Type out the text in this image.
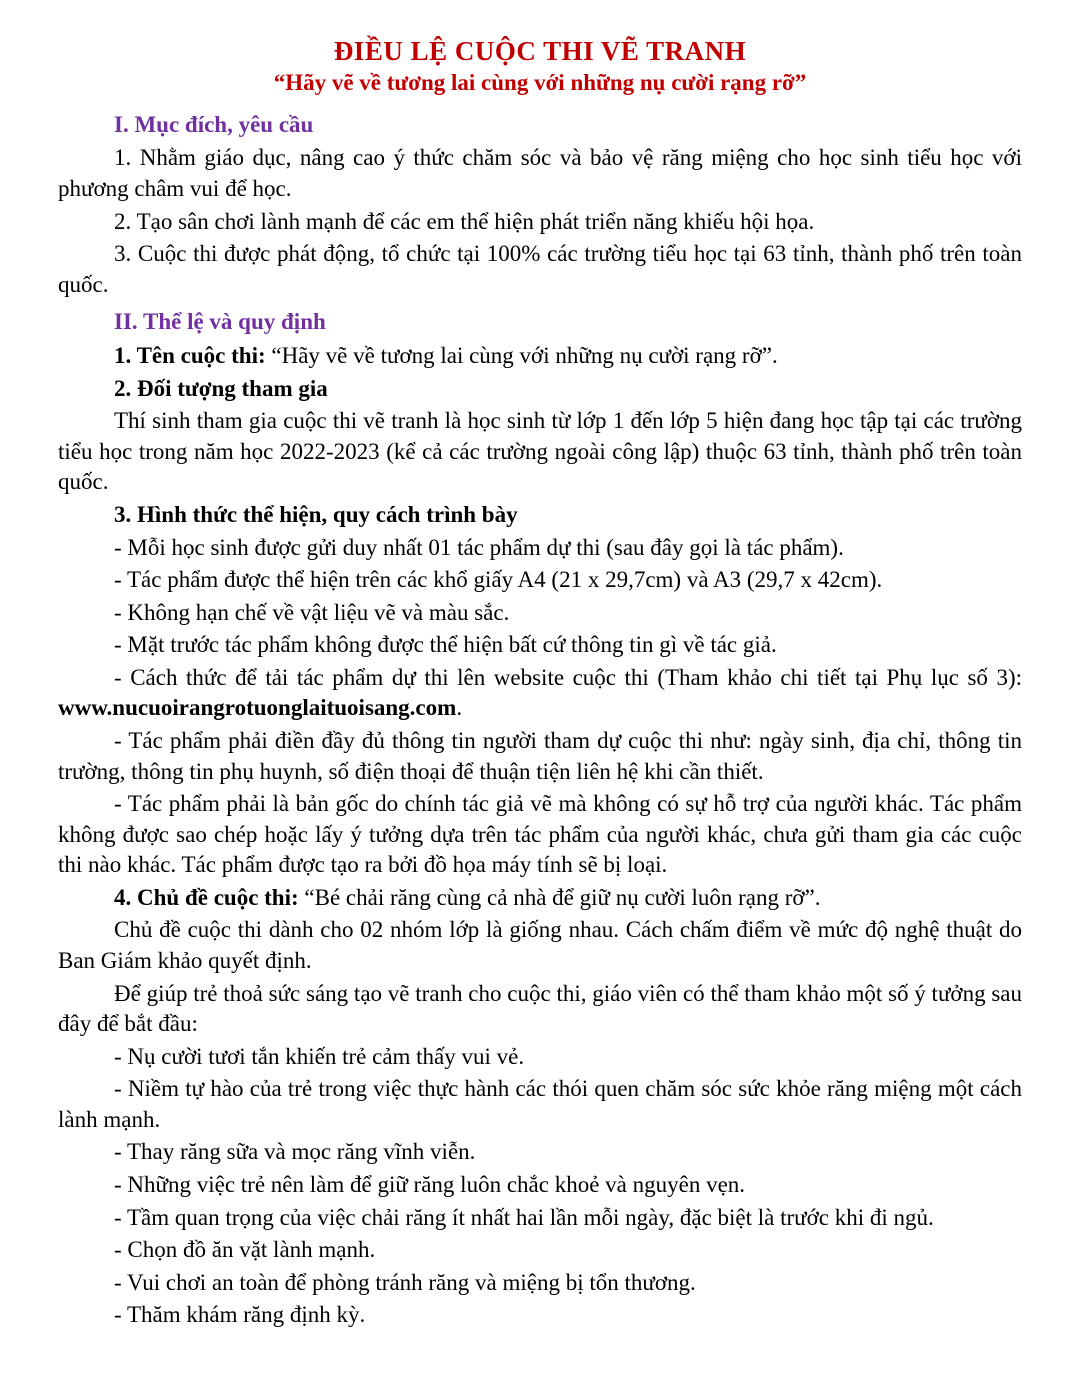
ĐIỀU LỆ CUỘC THI VẼ TRANH
“Hãy vẽ về tương lai cùng với những nụ cười rạng rỡ”
I. Mục đích, yêu cầu

1. Nhằm giáo dục, nâng cao ý thức chăm sóc và bảo vệ răng miệng cho học sinh tiểu học với phương châm vui để học.

2. Tạo sân chơi lành mạnh để các em thể hiện phát triển năng khiếu hội họa.

3. Cuộc thi được phát động, tổ chức tại 100% các trường tiểu học tại 63 tỉnh, thành phố trên toàn quốc.

II. Thể lệ và quy định

1. Tên cuộc thi: “Hãy vẽ về tương lai cùng với những nụ cười rạng rỡ”.

2. Đối tượng tham gia

Thí sinh tham gia cuộc thi vẽ tranh là học sinh từ lớp 1 đến lớp 5 hiện đang học tập tại các trường tiểu học trong năm học 2022-2023 (kể cả các trường ngoài công lập) thuộc 63 tỉnh, thành phố trên toàn quốc.

3. Hình thức thể hiện, quy cách trình bày

- Mỗi học sinh được gửi duy nhất 01 tác phẩm dự thi (sau đây gọi là tác phẩm).

- Tác phẩm được thể hiện trên các khổ giấy A4 (21 x 29,7cm) và A3 (29,7 x 42cm).

- Không hạn chế về vật liệu vẽ và màu sắc.

- Mặt trước tác phẩm không được thể hiện bất cứ thông tin gì về tác giả.

- Cách thức để tải tác phẩm dự thi lên website cuộc thi (Tham khảo chi tiết tại Phụ lục số 3): www.nucuoirangrotuonglaituoisang.com.

- Tác phẩm phải điền đầy đủ thông tin người tham dự cuộc thi như: ngày sinh, địa chỉ, thông tin trường, thông tin phụ huynh, số điện thoại để thuận tiện liên hệ khi cần thiết.

- Tác phẩm phải là bản gốc do chính tác giả vẽ mà không có sự hỗ trợ của người khác. Tác phẩm không được sao chép hoặc lấy ý tưởng dựa trên tác phẩm của người khác, chưa gửi tham gia các cuộc thi nào khác. Tác phẩm được tạo ra bởi đồ họa máy tính sẽ bị loại.

4. Chủ đề cuộc thi: “Bé chải răng cùng cả nhà để giữ nụ cười luôn rạng rỡ”.

Chủ đề cuộc thi dành cho 02 nhóm lớp là giống nhau. Cách chấm điểm về mức độ nghệ thuật do Ban Giám khảo quyết định.

Để giúp trẻ thoả sức sáng tạo vẽ tranh cho cuộc thi, giáo viên có thể tham khảo một số ý tưởng sau đây để bắt đầu:

- Nụ cười tươi tắn khiến trẻ cảm thấy vui vẻ.

- Niềm tự hào của trẻ trong việc thực hành các thói quen chăm sóc sức khỏe răng miệng một cách lành mạnh.

- Thay răng sữa và mọc răng vĩnh viễn.

- Những việc trẻ nên làm để giữ răng luôn chắc khoẻ và nguyên vẹn.

- Tầm quan trọng của việc chải răng ít nhất hai lần mỗi ngày, đặc biệt là trước khi đi ngủ.

- Chọn đồ ăn vặt lành mạnh.

- Vui chơi an toàn để phòng tránh răng và miệng bị tổn thương.

- Thăm khám răng định kỳ.
